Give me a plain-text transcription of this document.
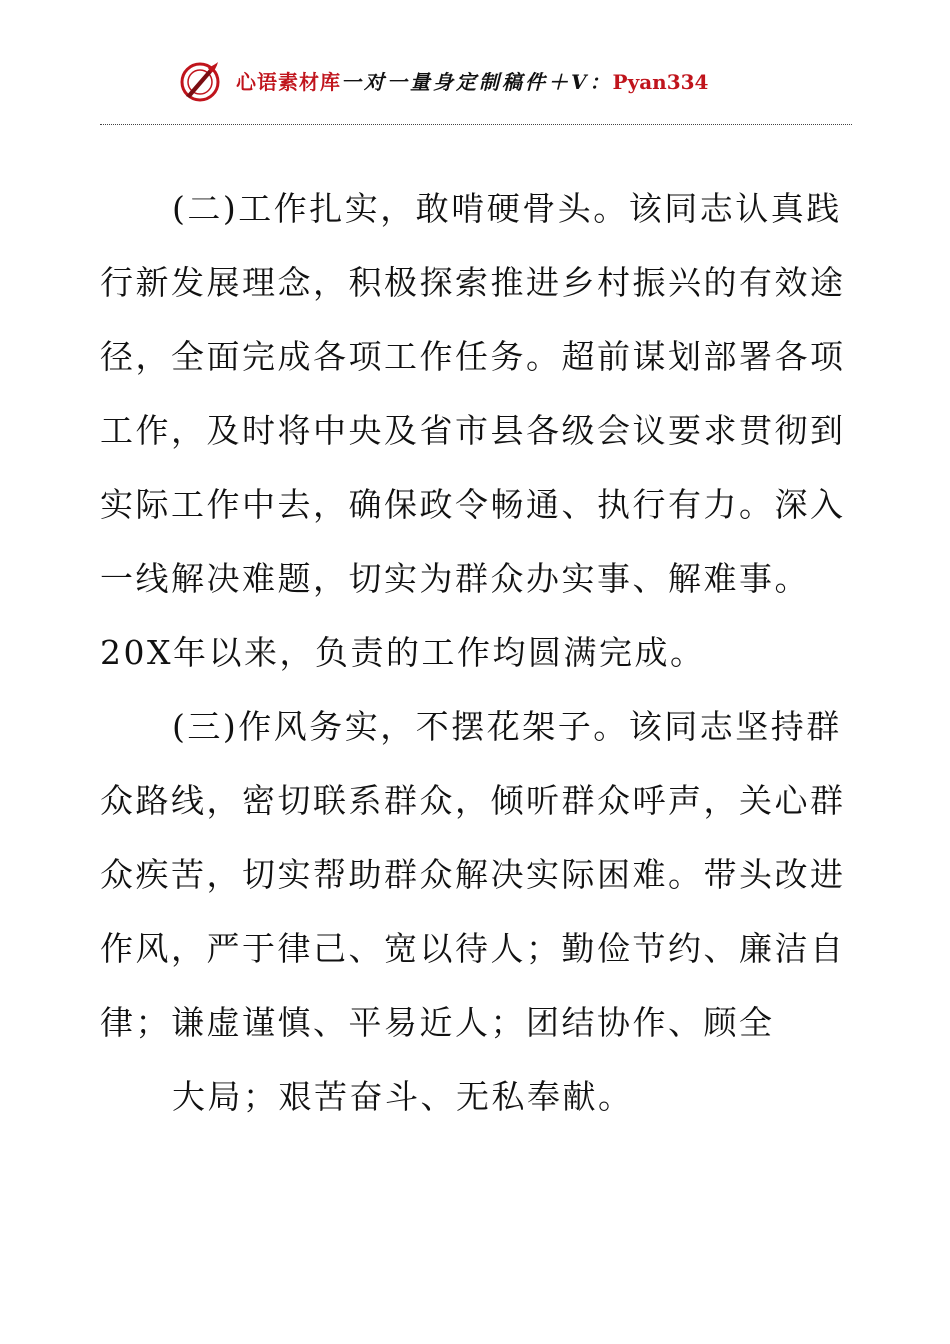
心语素材库一对一量身定制稿件＋V：Pyan334

(二)工作扎实，敢啃硬骨头。该同志认真践

行新发展理念，积极探索推进乡村振兴的有效途

径，全面完成各项工作任务。超前谋划部署各项

工作，及时将中央及省市县各级会议要求贯彻到

实际工作中去，确保政令畅通、执行有力。深入

一线解决难题，切实为群众办实事、解难事。

20X年以来，负责的工作均圆满完成。

(三)作风务实，不摆花架子。该同志坚持群

众路线，密切联系群众，倾听群众呼声，关心群

众疾苦，切实帮助群众解决实际困难。带头改进

作风，严于律己、宽以待人；勤俭节约、廉洁自

律；谦虚谨慎、平易近人；团结协作、顾全

大局；艰苦奋斗、无私奉献。
